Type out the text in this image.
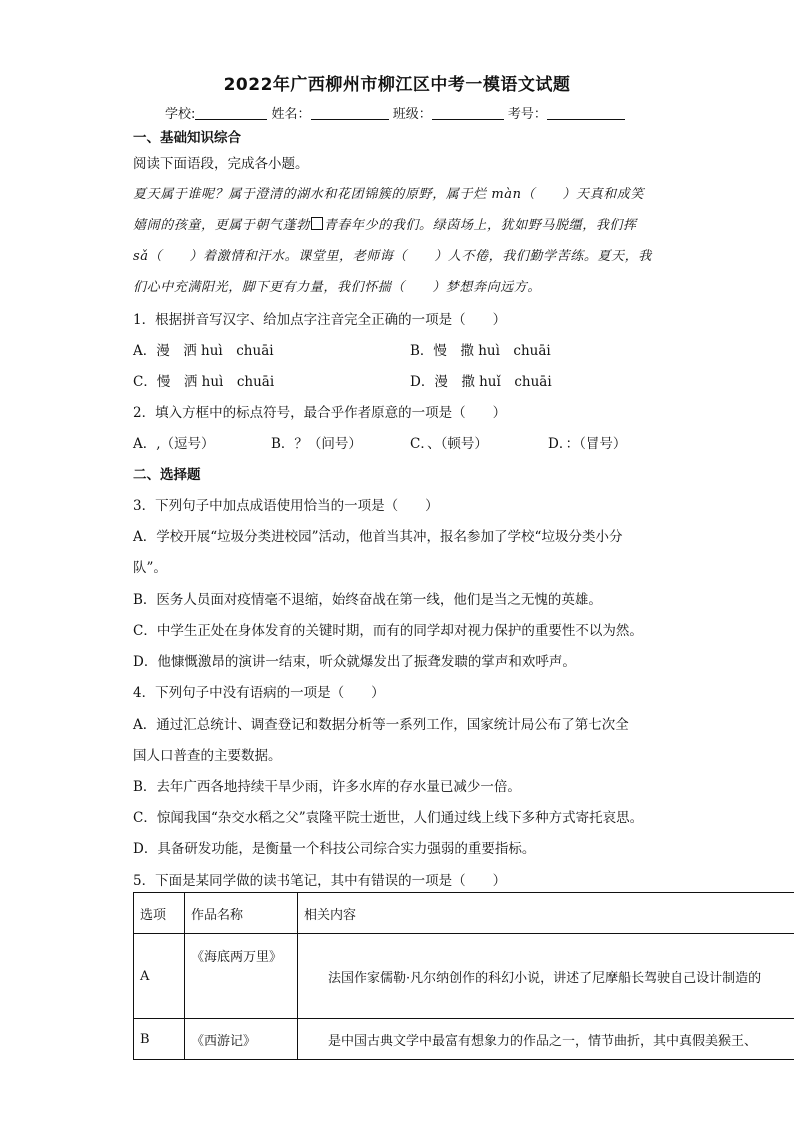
2022年广西柳州市柳江区中考一模语文试题
学校:	姓名：	班级：	考号：
一、基础知识综合
阅读下面语段，完成各小题。
夏天属于谁呢？属于澄清的湖水和花团锦簇的原野，属于烂 màn（　　）天真和成笑
嬉闹的孩童，更属于朝气蓬勃 青春年少的我们。绿茵场上，犹如野马脱缰，我们挥
sǎ（　　）着激情和汗水。课堂里，老师诲（　　）人不倦，我们勤学苦练。夏天，我
们心中充满阳光，脚下更有力量，我们怀揣（　　）梦想奔向远方。
1．根据拼音写汉字、给加点字注音完全正确的一项是（　　）
A．漫　洒 huì　chuāi	B．慢　撒 huì　chuāi
C．慢　洒 huì　chuāi	D．漫　撒 huǐ　chuāi
2．填入方框中的标点符号，最合乎作者原意的一项是（　　）
A．,（逗号）	B．？（问号）	C．、（顿号）	D．：（冒号）
二、选择题
3．下列句子中加点成语使用恰当的一项是（　　）
A．学校开展“垃圾分类进校园”活动，他首当其冲，报名参加了学校“垃圾分类小分
队”。
B．医务人员面对疫情毫不退缩，始终奋战在第一线，他们是当之无愧的英雄。
C．中学生正处在身体发育的关键时期，而有的同学却对视力保护的重要性不以为然。
D．他慷慨激昂的演讲一结束，听众就爆发出了振聋发聩的掌声和欢呼声。
4．下列句子中没有语病的一项是（　　）
A．通过汇总统计、调查登记和数据分析等一系列工作，国家统计局公布了第七次全
国人口普查的主要数据。
B．去年广西各地持续干旱少雨，许多水库的存水量已减少一倍。
C．惊闻我国“杂交水稻之父”袁隆平院士逝世，人们通过线上线下多种方式寄托哀思。
D．具备研发功能，是衡量一个科技公司综合实力强弱的重要指标。
5．下面是某同学做的读书笔记，其中有错误的一项是（　　）
选项	作品名称	相关内容
A	《海底两万里》	法国作家儒勒·凡尔纳创作的科幻小说，讲述了尼摩船长驾驶自己设计制造的
B	《西游记》	是中国古典文学中最富有想象力的作品之一，情节曲折，其中真假美猴王、
